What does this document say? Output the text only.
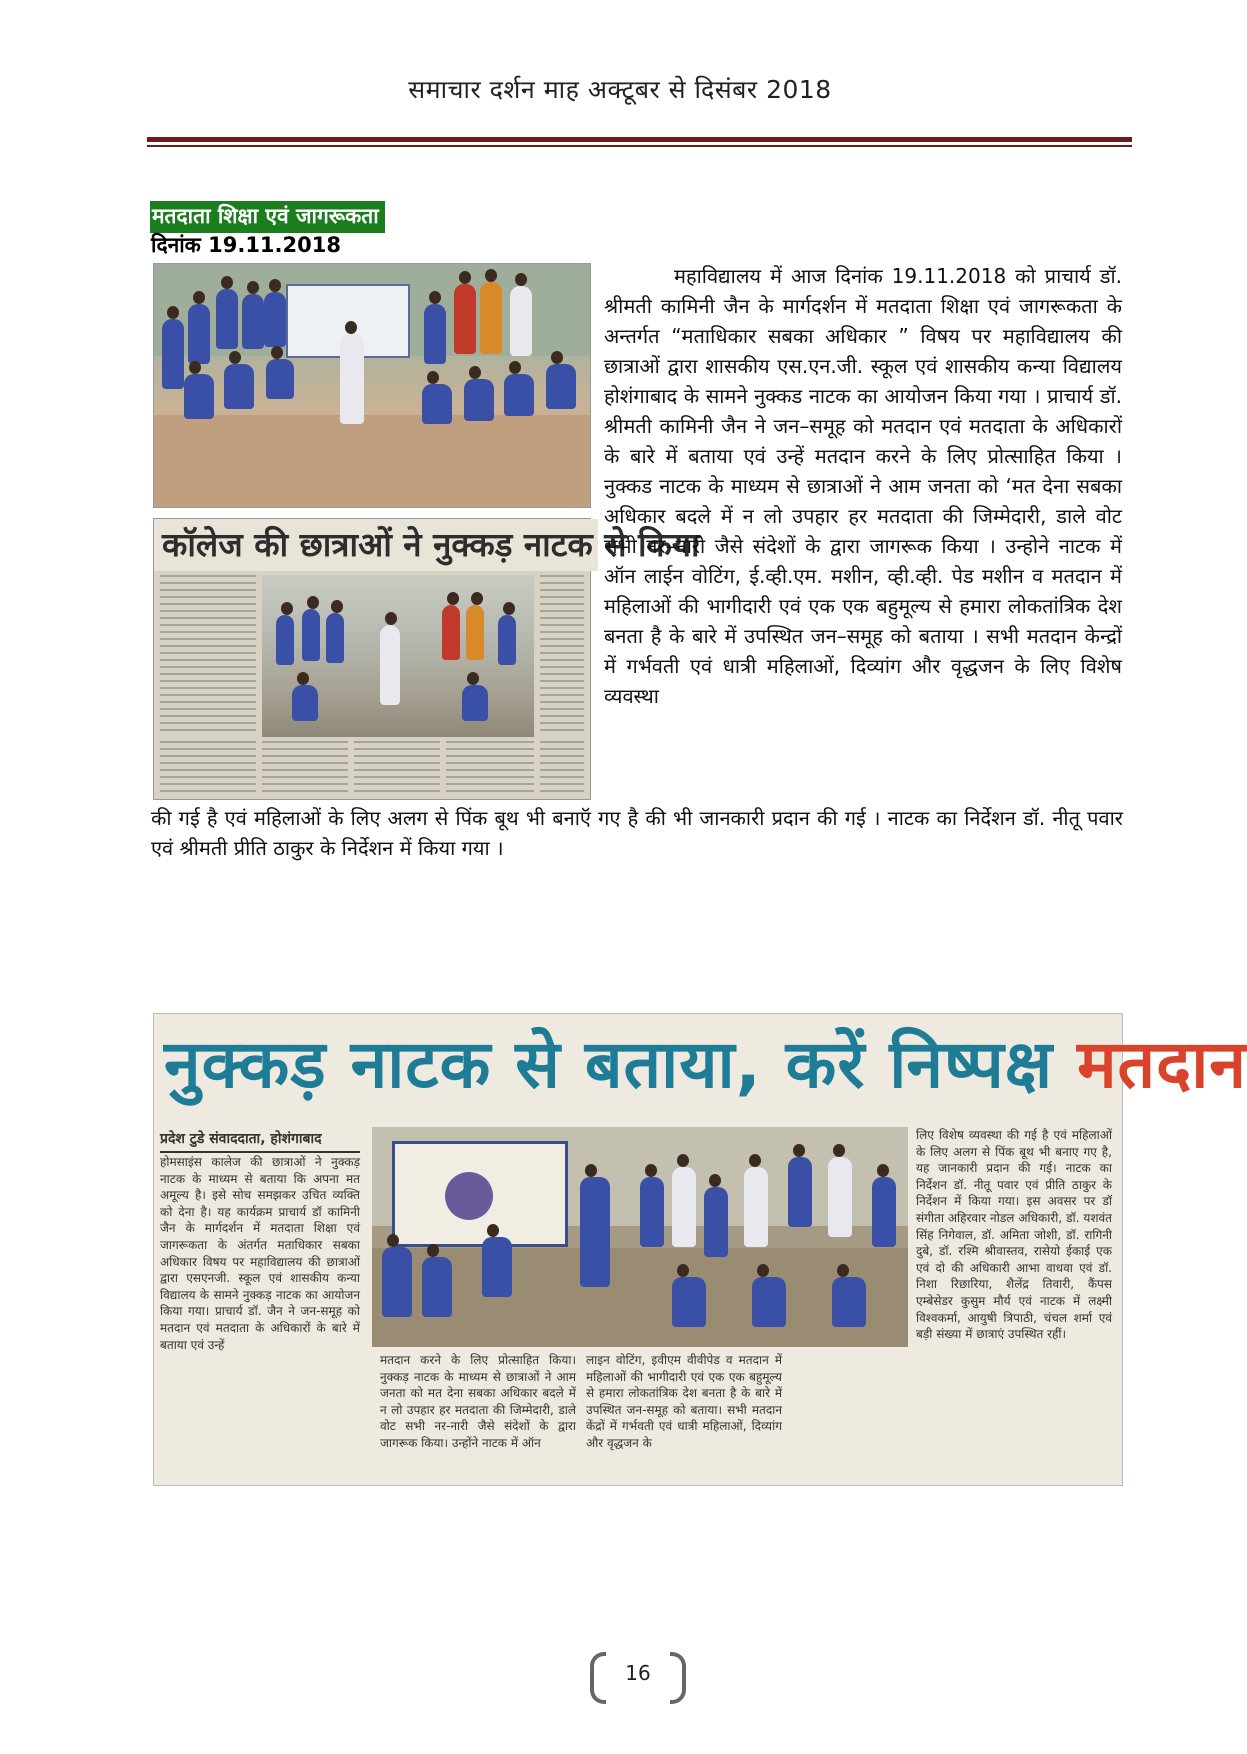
समाचार दर्शन माह अक्टूबर से दिसंबर 2018
मतदाता शिक्षा एवं जागरूकता
दिनांक 19.11.2018
कॉलेज की छात्राओं ने नुक्कड़ नाटक से किया
महाविद्यालय में आज दिनांक 19.11.2018 को प्राचार्य डॉ. श्रीमती कामिनी जैन के मार्गदर्शन में मतदाता शिक्षा एवं जागरूकता के अन्तर्गत “मताधिकार सबका अधिकार ” विषय पर महाविद्यालय की छात्राओं द्वारा शासकीय एस.एन.जी. स्कूल एवं शासकीय कन्या विद्यालय होशंगाबाद के सामने नुक्कड नाटक का आयोजन किया गया । प्राचार्य डॉ. श्रीमती कामिनी जैन ने जन–समूह को मतदान एवं मतदाता के अधिकारों के बारे में बताया एवं उन्हें मतदान करने के लिए प्रोत्साहित किया । नुक्कड नाटक के माध्यम से छात्राओं ने आम जनता को ‘मत देना सबका अधिकार बदले में न लो उपहार हर मतदाता की जिम्मेदारी, डाले वोट सभी नर–नारी जैसे संदेशों के द्वारा जागरूक किया । उन्होने नाटक में ऑन लाईन वोटिंग, ई.व्ही.एम. मशीन, व्ही.व्ही. पेड मशीन व मतदान में महिलाओं की भागीदारी एवं एक एक बहुमूल्य से हमारा लोकतांत्रिक देश बनता है के बारे में उपस्थित जन–समूह को बताया । सभी मतदान केन्द्रों में गर्भवती एवं धात्री महिलाओं, दिव्यांग और वृद्धजन के लिए विशेष व्यवस्था
की गई है एवं महिलाओं के लिए अलग से पिंक बूथ भी बनाऍ गए है की भी जानकारी प्रदान की गई । नाटक का निर्देशन डॉ. नीतू पवार एवं श्रीमती प्रीति ठाकुर के निर्देशन में किया गया ।
नुक्कड़ नाटक से बताया, करें निष्पक्ष मतदान
प्रदेश टुडे संवाददाता, होशंगाबाद
होमसाइंस कालेज की छात्राओं ने नुक्कड़ नाटक के माध्यम से बताया कि अपना मत अमूल्य है। इसे सोच समझकर उचित व्यक्ति को देना है। यह कार्यक्रम प्राचार्य डॉ कामिनी जैन के मार्गदर्शन में मतदाता शिक्षा एवं जागरूकता के अंतर्गत मताधिकार सबका अधिकार विषय पर महाविद्यालय की छात्राओं द्वारा एसएनजी. स्कूल एवं शासकीय कन्या विद्यालय के सामने नुक्कड़ नाटक का आयोजन किया गया। प्राचार्य डॉ. जैन ने जन-समूह को मतदान एवं मतदाता के अधिकारों के बारे में बताया एवं उन्हें
मतदान करने के लिए प्रोत्साहित किया। नुक्कड़ नाटक के माध्यम से छात्राओं ने आम जनता को मत देना सबका अधिकार बदले में न लो उपहार हर मतदाता की जिम्मेदारी, डाले वोट सभी नर-नारी जैसे संदेशों के द्वारा जागरूक किया। उन्होंने नाटक में ऑन
लाइन वोटिंग, इवीएम वीवीपेड व मतदान में महिलाओं की भागीदारी एवं एक एक बहुमूल्य से हमारा लोकतांत्रिक देश बनता है के बारे में उपस्थित जन-समूह को बताया। सभी मतदान केंद्रों में गर्भवती एवं धात्री महिलाओं, दिव्यांग और वृद्धजन के
लिए विशेष व्यवस्था की गई है एवं महिलाओं के लिए अलग से पिंक बूथ भी बनाए गए है, यह जानकारी प्रदान की गई। नाटक का निर्देशन डॉ. नीतू पवार एवं प्रीति ठाकुर के निर्देशन में किया गया। इस अवसर पर डॉ संगीता अहिरवार नोडल अधिकारी, डॉ. यशवंत सिंह निगेवाल, डॉ. अमिता जोशी, डॉ. रागिनी दुबे, डॉ. रश्मि श्रीवास्तव, रासेयो ईकाई एक एवं दो की अधिकारी आभा वाधवा एवं डॉ. निशा रिछारिया, शैलेंद्र तिवारी, कैंपस एम्बेसेडर कुसुम मौर्य एवं नाटक में लक्ष्मी विश्वकर्मा, आयुषी त्रिपाठी, चंचल शर्मा एवं बड़ी संख्या में छात्राएं उपस्थित रहीं।
16
